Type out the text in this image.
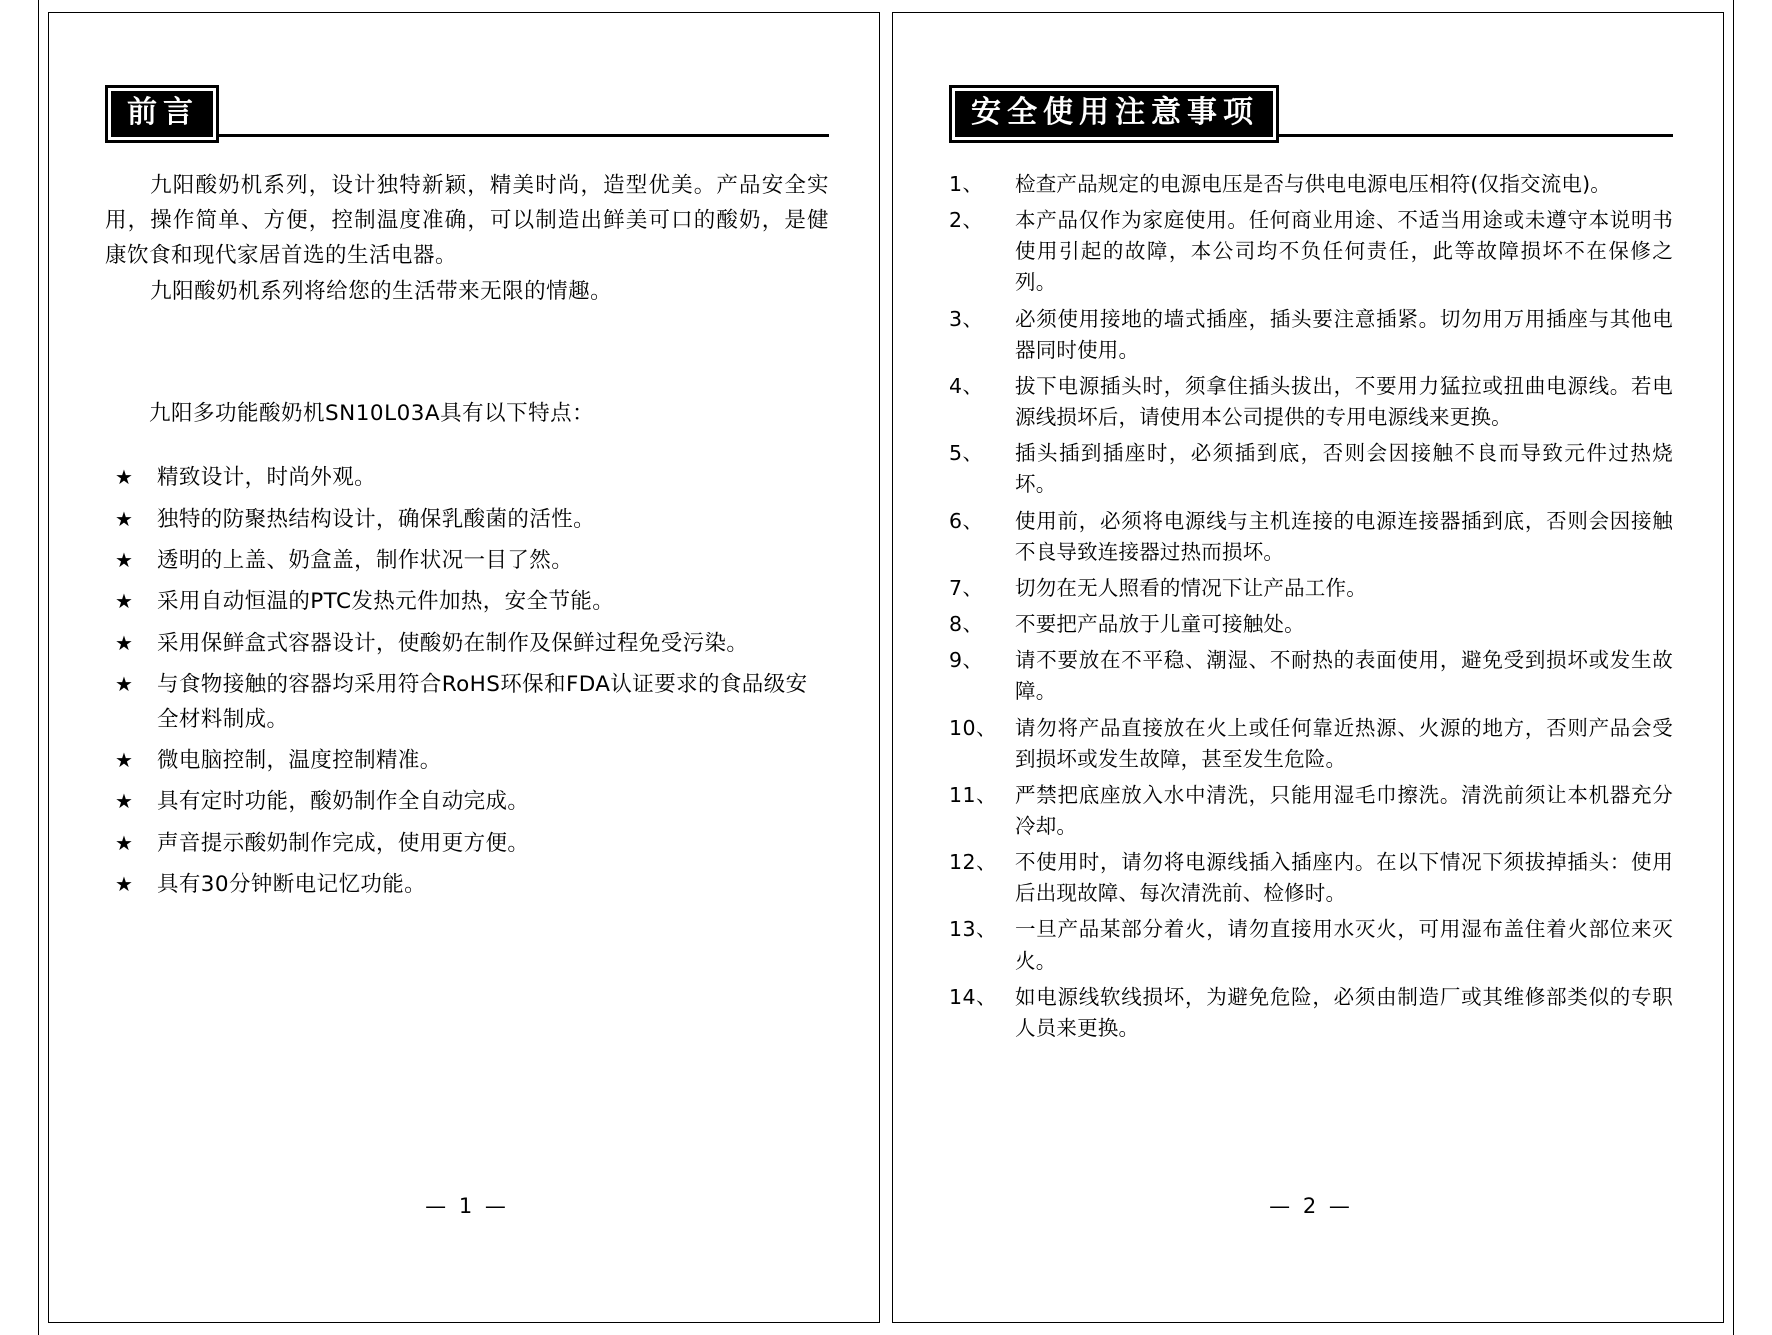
前言

九阳酸奶机系列，设计独特新颖，精美时尚，造型优美。产品安全实用，操作简单、方便，控制温度准确，可以制造出鲜美可口的酸奶，是健康饮食和现代家居首选的生活电器。

九阳酸奶机系列将给您的生活带来无限的情趣。

九阳多功能酸奶机SN10L03A具有以下特点：
★	精致设计，时尚外观。
★	独特的防聚热结构设计，确保乳酸菌的活性。
★	透明的上盖、奶盒盖，制作状况一目了然。
★	采用自动恒温的PTC发热元件加热，安全节能。
★	采用保鲜盒式容器设计，使酸奶在制作及保鲜过程免受污染。
★	与食物接触的容器均采用符合RoHS环保和FDA认证要求的食品级安全材料制成。
★	微电脑控制，温度控制精准。
★	具有定时功能，酸奶制作全自动完成。
★	声音提示酸奶制作完成，使用更方便。
★	具有30分钟断电记忆功能。
— 1 —
安全使用注意事项
1、	检查产品规定的电源电压是否与供电电源电压相符(仅指交流电)。
2、	本产品仅作为家庭使用。任何商业用途、不适当用途或未遵守本说明书使用引起的故障，本公司均不负任何责任，此等故障损坏不在保修之列。
3、	必须使用接地的墙式插座，插头要注意插紧。切勿用万用插座与其他电器同时使用。
4、	拔下电源插头时，须拿住插头拔出，不要用力猛拉或扭曲电源线。若电源线损坏后，请使用本公司提供的专用电源线来更换。
5、	插头插到插座时，必须插到底，否则会因接触不良而导致元件过热烧坏。
6、	使用前，必须将电源线与主机连接的电源连接器插到底，否则会因接触不良导致连接器过热而损坏。
7、	切勿在无人照看的情况下让产品工作。
8、	不要把产品放于儿童可接触处。
9、	请不要放在不平稳、潮湿、不耐热的表面使用，避免受到损坏或发生故障。
10、 请勿将产品直接放在火上或任何靠近热源、火源的地方，否则产品会受到损坏或发生故障，甚至发生危险。
11、 严禁把底座放入水中清洗，只能用湿毛巾擦洗。清洗前须让本机器充分冷却。
12、 不使用时，请勿将电源线插入插座内。在以下情况下须拔掉插头：使用后出现故障、每次清洗前、检修时。
13、 一旦产品某部分着火，请勿直接用水灭火，可用湿布盖住着火部位来灭火。
14、 如电源线软线损坏，为避免危险，必须由制造厂或其维修部类似的专职人员来更换。
— 2 —
